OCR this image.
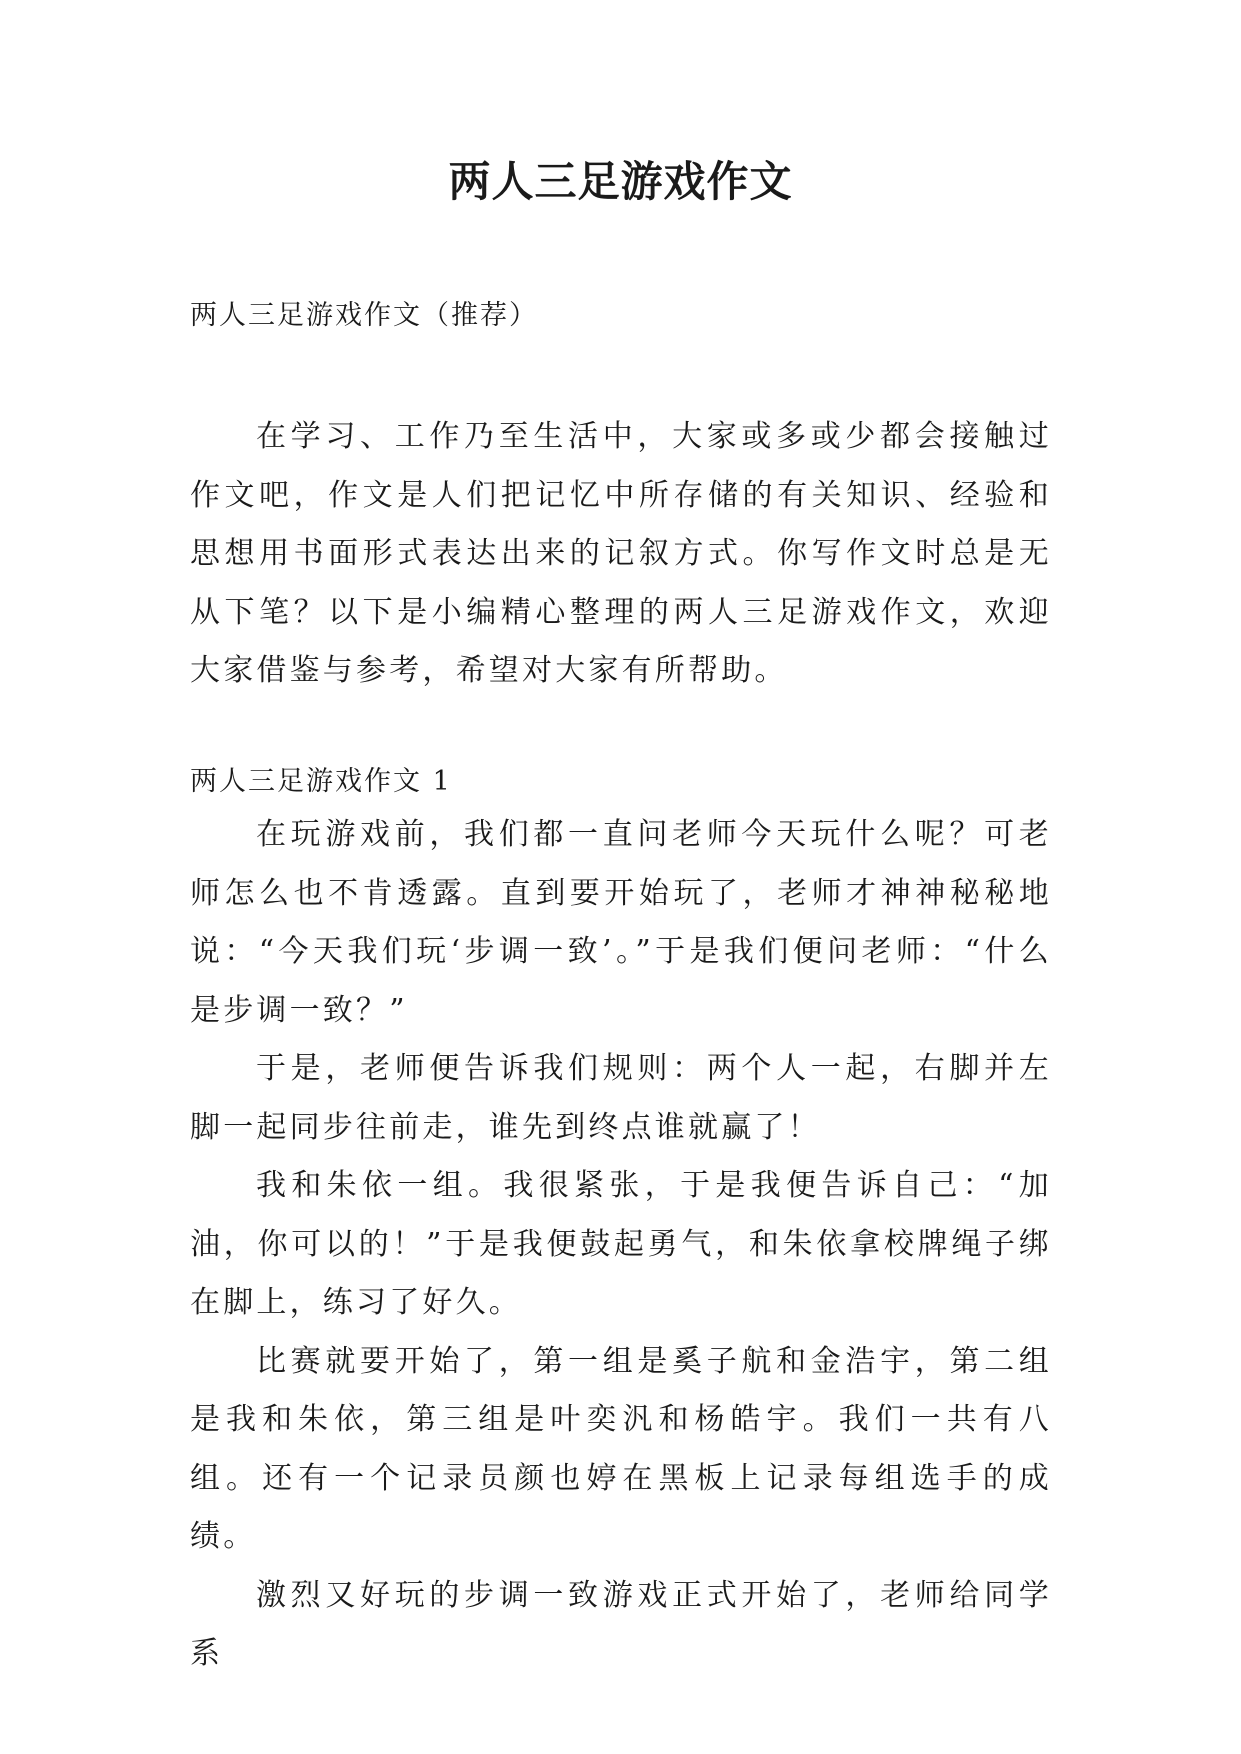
两人三足游戏作文

两人三足游戏作文（推荐）

在学习、工作乃至生活中，大家或多或少都会接触过作文吧，作文是人们把记忆中所存储的有关知识、经验和思想用书面形式表达出来的记叙方式。你写作文时总是无从下笔？以下是小编精心整理的两人三足游戏作文，欢迎大家借鉴与参考，希望对大家有所帮助。

两人三足游戏作文 1

在玩游戏前，我们都一直问老师今天玩什么呢？可老师怎么也不肯透露。直到要开始玩了，老师才神神秘秘地说：“今天我们玩‘步调一致’。”于是我们便问老师：“什么是步调一致？”

于是，老师便告诉我们规则：两个人一起，右脚并左脚一起同步往前走，谁先到终点谁就赢了！

我和朱依一组。我很紧张，于是我便告诉自己：“加油，你可以的！”于是我便鼓起勇气，和朱依拿校牌绳子绑在脚上，练习了好久。

比赛就要开始了，第一组是奚子航和金浩宇，第二组是我和朱依，第三组是叶奕汎和杨皓宇。我们一共有八组。还有一个记录员颜也婷在黑板上记录每组选手的成绩。

激烈又好玩的步调一致游戏正式开始了，老师给同学系
